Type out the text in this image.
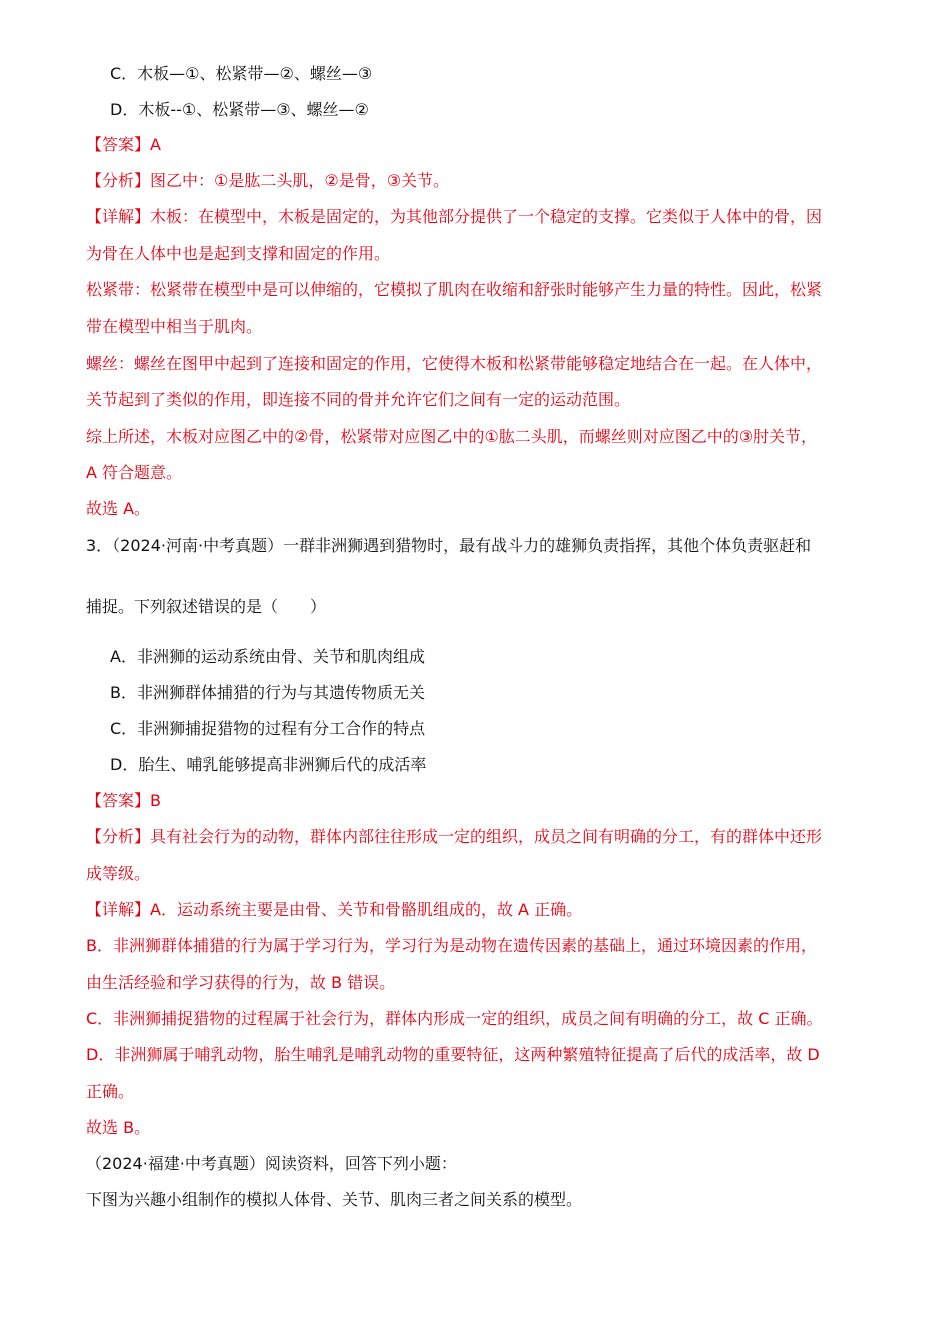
C．木板—①、松紧带—②、螺丝—③
D．木板--①、松紧带—③、螺丝—②
【答案】A
【分析】图乙中：①是肱二头肌，②是骨，③关节。
【详解】木板：在模型中，木板是固定的，为其他部分提供了一个稳定的支撑。它类似于人体中的骨，因
为骨在人体中也是起到支撑和固定的作用。
松紧带：松紧带在模型中是可以伸缩的，它模拟了肌肉在收缩和舒张时能够产生力量的特性。因此，松紧
带在模型中相当于肌肉。
螺丝：螺丝在图甲中起到了连接和固定的作用，它使得木板和松紧带能够稳定地结合在一起。在人体中，
关节起到了类似的作用，即连接不同的骨并允许它们之间有一定的运动范围。
综上所述，木板对应图乙中的②骨，松紧带对应图乙中的①肱二头肌，而螺丝则对应图乙中的③肘关节，
A 符合题意。
故选 A。
3．（2024·河南·中考真题）一群非洲狮遇到猎物时，最有战斗力的雄狮负责指挥，其他个体负责驱赶和
捕捉。下列叙述错误的是（　　）
A．非洲狮的运动系统由骨、关节和肌肉组成
B．非洲狮群体捕猎的行为与其遗传物质无关
C．非洲狮捕捉猎物的过程有分工合作的特点
D．胎生、哺乳能够提高非洲狮后代的成活率
【答案】B
【分析】具有社会行为的动物，群体内部往往形成一定的组织，成员之间有明确的分工，有的群体中还形
成等级。
【详解】A．运动系统主要是由骨、关节和骨骼肌组成的，故 A 正确。
B．非洲狮群体捕猎的行为属于学习行为，学习行为是动物在遗传因素的基础上，通过环境因素的作用，
由生活经验和学习获得的行为，故 B 错误。
C．非洲狮捕捉猎物的过程属于社会行为，群体内形成一定的组织，成员之间有明确的分工，故 C 正确。
D．非洲狮属于哺乳动物，胎生哺乳是哺乳动物的重要特征，这两种繁殖特征提高了后代的成活率，故 D
正确。
故选 B。
（2024·福建·中考真题）阅读资料，回答下列小题：
下图为兴趣小组制作的模拟人体骨、关节、肌肉三者之间关系的模型。
